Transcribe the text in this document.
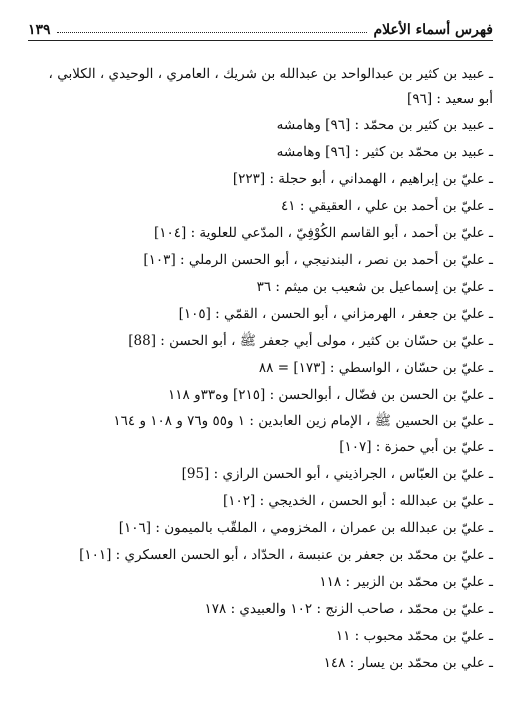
فهرس أسماء الأعلام
١٣٩
ـ عبيد بن كثير بن عبدالواحد بن عبدالله بن شريك ، العامري ، الوحيدي ، الكلابي ، أبو سعيد : [٩٦]
ـ عبيد بن كثير بن محمّد : [٩٦] وهامشه
ـ عبيد بن محمّد بن كثير : [٩٦] وهامشه
ـ عليّ بن إبراهيم ، الهمداني ، أبو حجلة : [٢٢٣]
ـ عليّ بن أحمد بن علي ، العقيقي : ٤١
ـ عليّ بن أحمد ، أبو القاسم الكُوْفِيّ ، المدّعي للعلوية : [١٠٤]
ـ عليّ بن أحمد بن نصر ، البندنيجي ، أبو الحسن الرملي : [١٠٣]
ـ عليّ بن إسماعيل بن شعيب بن ميثم : ٣٦
ـ عليّ بن جعفر ، الهرمزاني ، أبو الحسن ، القمّي : [١٠٥]
ـ عليّ بن حسّان بن كثير ، مولى أبي جعفر ﷺ ، أبو الحسن : [88]
ـ عليّ بن حسّان ، الواسطي : [١٧٣] = ٨٨
ـ عليّ بن الحسن بن فضّال ، أبوالحسن : [٢١٥] وه٣٣و ١١٨
ـ عليّ بن الحسين ﷺ ، الإمام زين العابدين : ١ و٥٥ و٧٦ و ١٠٨ و ١٦٤
ـ عليّ بن أبي حمزة : [١٠٧]
ـ عليّ بن العبّاس ، الجراذيني ، أبو الحسن الرازي : [95]
ـ عليّ بن عبدالله : أبو الحسن ، الخديجي : [١٠٢]
ـ عليّ بن عبدالله بن عمران ، المخزومي ، الملقّب بالميمون : [١٠٦]
ـ عليّ بن محمّد بن جعفر بن عنبسة ، الحدّاد ، أبو الحسن العسكري : [١٠١]
ـ عليّ بن محمّد بن الزبير : ١١٨
ـ عليّ بن محمّد ، صاحب الزنج : ١٠٢ والعبيدي : ١٧٨
ـ عليّ بن محمّد محبوب : ١١
ـ علي بن محمّد بن يسار : ١٤٨
